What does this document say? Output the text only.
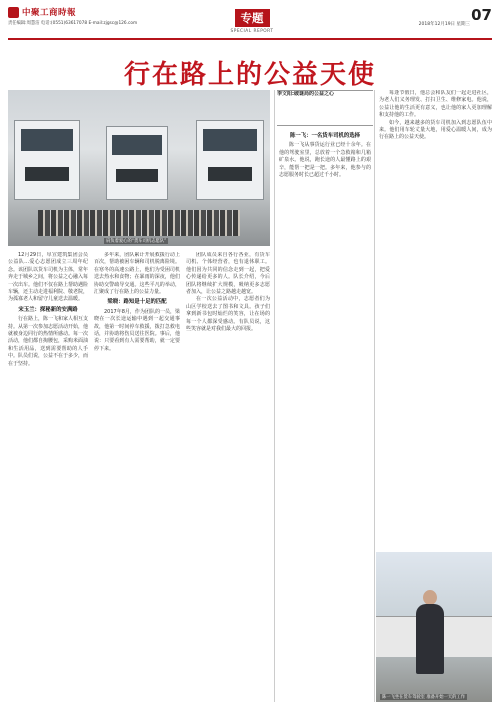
中聚工商時報
责任编辑:周慧洁 电话:(0551)63617078 E-mail:zjgsc@126.com	专题
SPECIAL REPORT
2018年12月19日 星期三
07
行在路上的公益天使
肩负着爱心的“货车司机志愿队”
李文阳:破谜局的公益之心

12月29日，阜宣建筑集团会员公益队…爱心志愿团成立三周年纪念。该团队以货车司机为主体，常年奔走于城乡之间，将公益之心融入每一次出车。他们不仅在路上帮助遇险车辆，还主动走进福利院、敬老院，为孤寡老人和留守儿童送去温暖。

宋玉兰：探秘新的安满路

行在路上，陈一飞和家人相互支持。从第一次参加志愿活动开始，他就被身边同行的热情所感动。每一次活动，他们都自掏腰包，采购米面油和生活用品，送到需要帮助的人手中。队员们说，公益不在于多少，而在于坚持。

多年来，团队累计开展救援行动上百次，帮助被困车辆和司机脱离险境。在寒冬的高速公路上，他们为受困司机送去热水和食物；在暴雨的深夜，他们协助交警疏导交通。这些平凡的举动，汇聚成了行在路上的公益力量。

梁晓：路知是十足的匹配

2017年8月，作为团队的一员，梁晓在一次长途运输中遇到一起交通事故，他第一时间停车救援，拨打急救电话，并协助将伤员送往医院。事后，他说：只要看到有人需要帮助，就一定要停下来。

团队成员来自各行各业，有货车司机、个体经营者，也有退休职工。他们因为共同的信念走到一起，把爱心传递给更多的人。队长介绍，今后团队将继续扩大规模，吸纳更多志愿者加入，让公益之路越走越宽。

在一次公益活动中，志愿者们为山区学校送去了图书和文具。孩子们拿到新书包时灿烂的笑容，让在场的每一个人都深受感动。有队员说，这些笑容就是对我们最大的回报。

陈一飞：一名货车司机的选择

陈一飞从事货运行业已经十余年。在他的驾驶室里，总放着一个急救箱和几箱矿泉水。他说，跑长途的人最懂路上的艰辛，能帮一把是一把。多年来，他参与的志愿服务时长已超过千小时。

每逢节假日，他总会和队友们一起走进社区，为老人们义务理发、打扫卫生、维修家电。他说，公益让他的生活更有意义，也让他的家人更加理解和支持他的工作。

如今，越来越多的货车司机加入到志愿队伍中来。他们用车轮丈量大地，用爱心温暖人间，成为行在路上的公益天使。

陈一飞坐在货车驾驶室 准备开始一天的工作
